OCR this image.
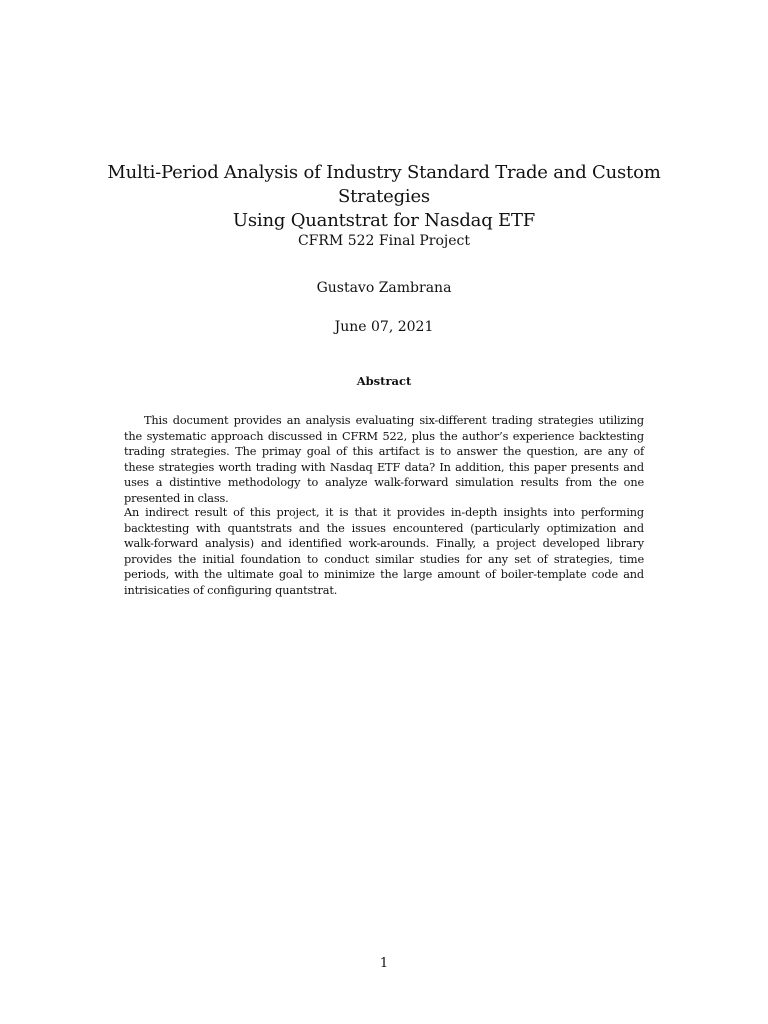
Multi-Period Analysis of Industry Standard Trade and Custom Strategies
Using Quantstrat for Nasdaq ETF
CFRM 522 Final Project
Gustavo Zambrana
June 07, 2021
Abstract

This document provides an analysis evaluating six-different trading strategies utilizing the systematic approach discussed in CFRM 522, plus the author’s experience backtesting trading strategies. The primay goal of this artifact is to answer the question, are any of these strategies worth trading with Nasdaq ETF data? In addition, this paper presents and uses a distintive methodology to analyze walk-forward simulation results from the one presented in class.

An indirect result of this project, it is that it provides in-depth insights into performing backtesting with quantstrats and the issues encountered (particularly optimization and walk-forward analysis) and identified work-arounds. Finally, a project developed library provides the initial foundation to conduct similar studies for any set of strategies, time periods, with the ultimate goal to minimize the large amount of boiler-template code and intrisicaties of configuring quantstrat.

1
